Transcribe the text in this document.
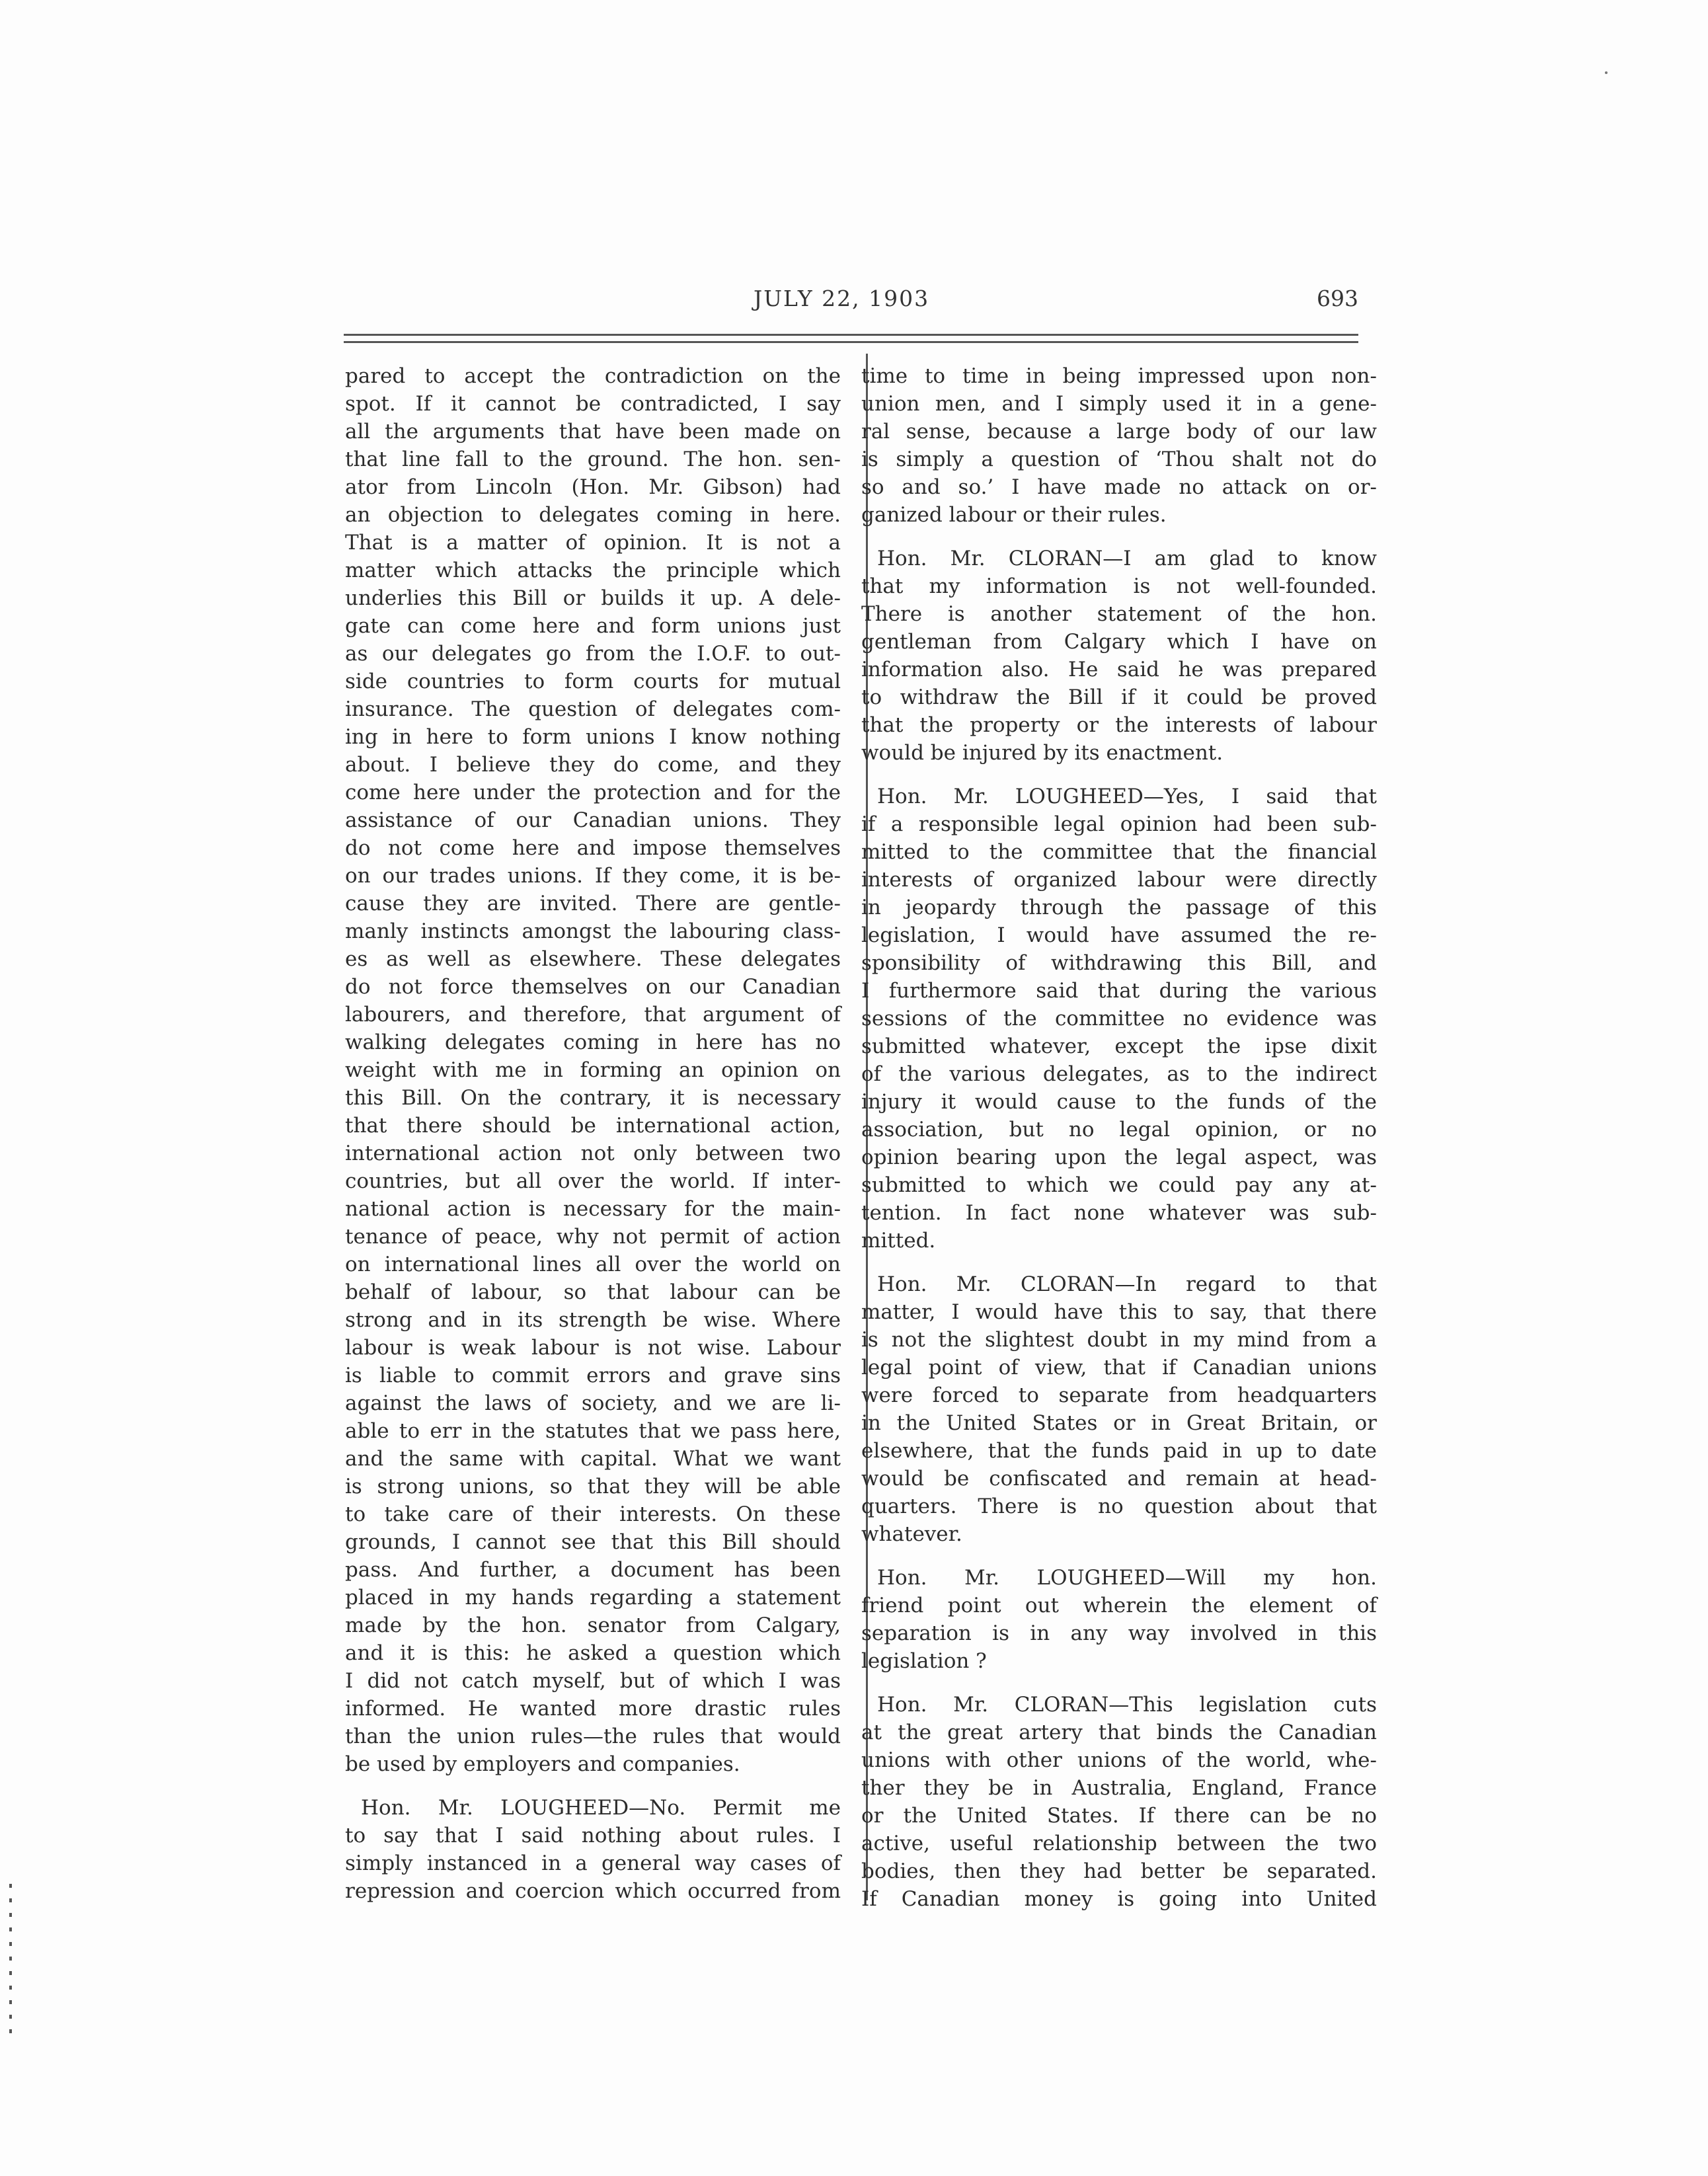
JULY 22, 1903	693
pared to accept the contradiction on the
spot. If it cannot be contradicted, I say
all the arguments that have been made on
that line fall to the ground. The hon. sen-
ator from Lincoln (Hon. Mr. Gibson) had
an objection to delegates coming in here.
That is a matter of opinion. It is not a
matter which attacks the principle which
underlies this Bill or builds it up. A dele-
gate can come here and form unions just
as our delegates go from the I.O.F. to out-
side countries to form courts for mutual
insurance. The question of delegates com-
ing in here to form unions I know nothing
about. I believe they do come, and they
come here under the protection and for the
assistance of our Canadian unions. They
do not come here and impose themselves
on our trades unions. If they come, it is be-
cause they are invited. There are gentle-
manly instincts amongst the labouring class-
es as well as elsewhere. These delegates
do not force themselves on our Canadian
labourers, and therefore, that argument of
walking delegates coming in here has no
weight with me in forming an opinion on
this Bill. On the contrary, it is necessary
that there should be international action,
international action not only between two
countries, but all over the world. If inter-
national action is necessary for the main-
tenance of peace, why not permit of action
on international lines all over the world on
behalf of labour, so that labour can be
strong and in its strength be wise. Where
labour is weak labour is not wise. Labour
is liable to commit errors and grave sins
against the laws of society, and we are li-
able to err in the statutes that we pass here,
and the same with capital. What we want
is strong unions, so that they will be able
to take care of their interests. On these
grounds, I cannot see that this Bill should
pass. And further, a document has been
placed in my hands regarding a statement
made by the hon. senator from Calgary,
and it is this: he asked a question which
I did not catch myself, but of which I was
informed. He wanted more drastic rules
than the union rules—the rules that would
be used by employers and companies.
Hon. Mr. LOUGHEED—No. Permit me
to say that I said nothing about rules. I
simply instanced in a general way cases of
repression and coercion which occurred from
time to time in being impressed upon non-
union men, and I simply used it in a gene-
ral sense, because a large body of our law
is simply a question of ‘Thou shalt not do
so and so.’ I have made no attack on or-
ganized labour or their rules.
Hon. Mr. CLORAN—I am glad to know
that my information is not well-founded.
There is another statement of the hon.
gentleman from Calgary which I have on
information also. He said he was prepared
to withdraw the Bill if it could be proved
that the property or the interests of labour
would be injured by its enactment.
Hon. Mr. LOUGHEED—Yes, I said that
if a responsible legal opinion had been sub-
mitted to the committee that the financial
interests of organized labour were directly
in jeopardy through the passage of this
legislation, I would have assumed the re-
sponsibility of withdrawing this Bill, and
I furthermore said that during the various
sessions of the committee no evidence was
submitted whatever, except the ipse dixit
of the various delegates, as to the indirect
injury it would cause to the funds of the
association, but no legal opinion, or no
opinion bearing upon the legal aspect, was
submitted to which we could pay any at-
tention. In fact none whatever was sub-
mitted.
Hon. Mr. CLORAN—In regard to that
matter, I would have this to say, that there
is not the slightest doubt in my mind from a
legal point of view, that if Canadian unions
were forced to separate from headquarters
in the United States or in Great Britain, or
elsewhere, that the funds paid in up to date
would be confiscated and remain at head-
quarters. There is no question about that
whatever.
Hon. Mr. LOUGHEED—Will my hon.
friend point out wherein the element of
separation is in any way involved in this
legislation ?
Hon. Mr. CLORAN—This legislation cuts
at the great artery that binds the Canadian
unions with other unions of the world, whe-
ther they be in Australia, England, France
or the United States. If there can be no
active, useful relationship between the two
bodies, then they had better be separated.
If Canadian money is going into United
